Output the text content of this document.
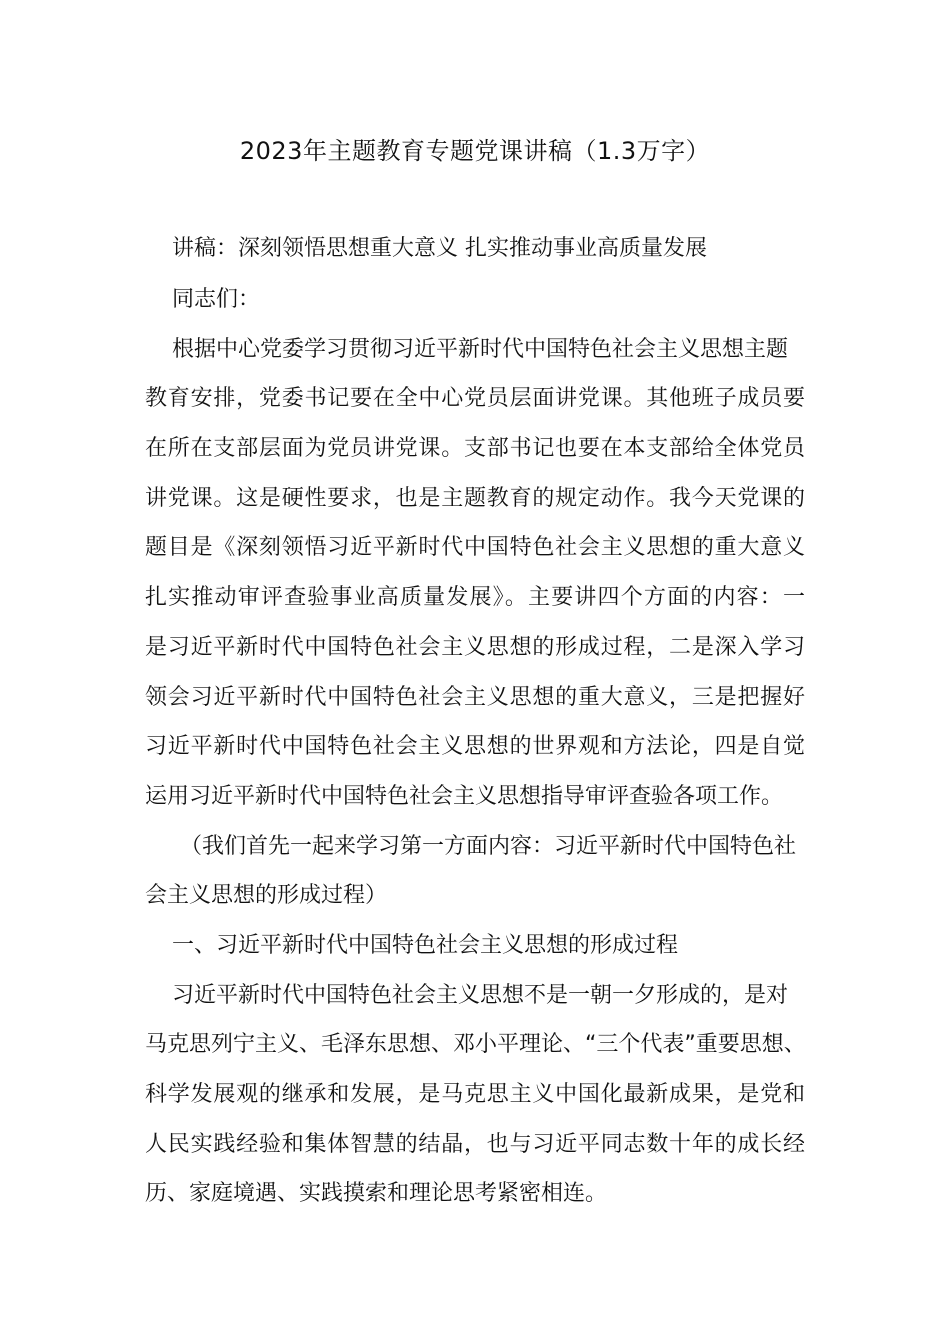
2023年主题教育专题党课讲稿（1.3万字）
讲稿：深刻领悟思想重大意义 扎实推动事业高质量发展
同志们：
根据中心党委学习贯彻习近平新时代中国特色社会主义思想主题
教育安排，党委书记要在全中心党员层面讲党课。其他班子成员要
在所在支部层面为党员讲党课。支部书记也要在本支部给全体党员
讲党课。这是硬性要求，也是主题教育的规定动作。我今天党课的
题目是《深刻领悟习近平新时代中国特色社会主义思想的重大意义
扎实推动审评查验事业高质量发展》。主要讲四个方面的内容：一
是习近平新时代中国特色社会主义思想的形成过程，二是深入学习
领会习近平新时代中国特色社会主义思想的重大意义，三是把握好
习近平新时代中国特色社会主义思想的世界观和方法论，四是自觉
运用习近平新时代中国特色社会主义思想指导审评查验各项工作。
（我们首先一起来学习第一方面内容：习近平新时代中国特色社
会主义思想的形成过程）
一、习近平新时代中国特色社会主义思想的形成过程
习近平新时代中国特色社会主义思想不是一朝一夕形成的，是对
马克思列宁主义、毛泽东思想、邓小平理论、“三个代表”重要思想、
科学发展观的继承和发展，是马克思主义中国化最新成果，是党和
人民实践经验和集体智慧的结晶，也与习近平同志数十年的成长经
历、家庭境遇、实践摸索和理论思考紧密相连。
